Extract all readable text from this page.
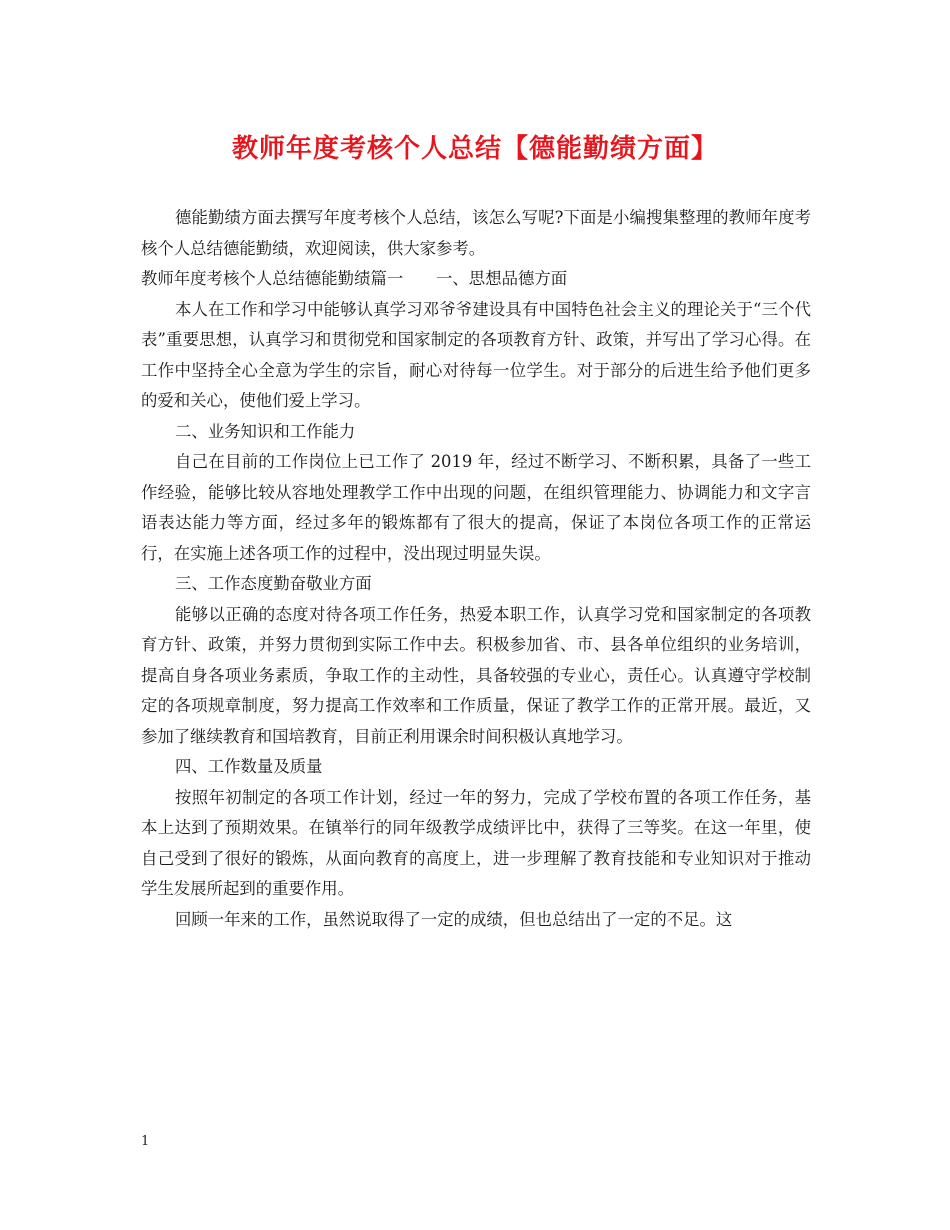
教师年度考核个人总结【德能勤绩方面】

德能勤绩方面去撰写年度考核个人总结，该怎么写呢?下面是小编搜集整理的教师年度考核个人总结德能勤绩，欢迎阅读，供大家参考。

教师年度考核个人总结德能勤绩篇一　　一、思想品德方面

本人在工作和学习中能够认真学习邓爷爷建设具有中国特色社会主义的理论关于“三个代表”重要思想，认真学习和贯彻党和国家制定的各项教育方针、政策，并写出了学习心得。在工作中坚持全心全意为学生的宗旨，耐心对待每一位学生。对于部分的后进生给予他们更多的爱和关心，使他们爱上学习。

二、业务知识和工作能力

自己在目前的工作岗位上已工作了 2019 年，经过不断学习、不断积累，具备了一些工作经验，能够比较从容地处理教学工作中出现的问题，在组织管理能力、协调能力和文字言语表达能力等方面，经过多年的锻炼都有了很大的提高，保证了本岗位各项工作的正常运行，在实施上述各项工作的过程中，没出现过明显失误。

三、工作态度勤奋敬业方面

能够以正确的态度对待各项工作任务，热爱本职工作，认真学习党和国家制定的各项教育方针、政策，并努力贯彻到实际工作中去。积极参加省、市、县各单位组织的业务培训，提高自身各项业务素质，争取工作的主动性，具备较强的专业心，责任心。认真遵守学校制定的各项规章制度，努力提高工作效率和工作质量，保证了教学工作的正常开展。最近，又参加了继续教育和国培教育，目前正利用课余时间积极认真地学习。

四、工作数量及质量

按照年初制定的各项工作计划，经过一年的努力，完成了学校布置的各项工作任务，基本上达到了预期效果。在镇举行的同年级教学成绩评比中，获得了三等奖。在这一年里，使自己受到了很好的锻炼，从面向教育的高度上，进一步理解了教育技能和专业知识对于推动学生发展所起到的重要作用。

回顾一年来的工作，虽然说取得了一定的成绩，但也总结出了一定的不足。这

1
